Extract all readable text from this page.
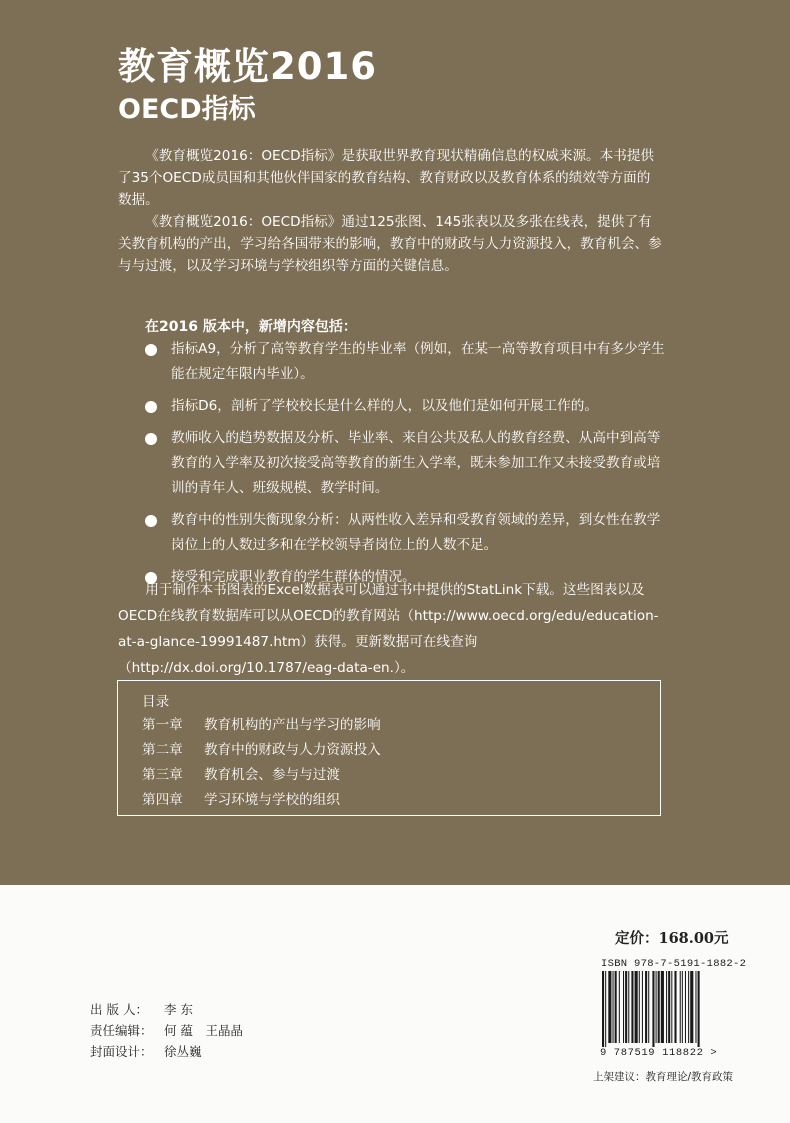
教育概览2016
OECD指标

《教育概览2016：OECD指标》是获取世界教育现状精确信息的权威来源。本书提供了35个OECD成员国和其他伙伴国家的教育结构、教育财政以及教育体系的绩效等方面的数据。

《教育概览2016：OECD指标》通过125张图、145张表以及多张在线表，提供了有关教育机构的产出，学习给各国带来的影响，教育中的财政与人力资源投入，教育机会、参与与过渡，以及学习环境与学校组织等方面的关键信息。

在2016 版本中，新增内容包括：

指标A9，分析了高等教育学生的毕业率（例如，在某一高等教育项目中有多少学生能在规定年限内毕业）。
指标D6，剖析了学校校长是什么样的人，以及他们是如何开展工作的。
教师收入的趋势数据及分析、毕业率、来自公共及私人的教育经费、从高中到高等教育的入学率及初次接受高等教育的新生入学率，既未参加工作又未接受教育或培训的青年人、班级规模、教学时间。
教育中的性别失衡现象分析：从两性收入差异和受教育领域的差异，到女性在教学岗位上的人数过多和在学校领导者岗位上的人数不足。
接受和完成职业教育的学生群体的情况。

用于制作本书图表的Excel数据表可以通过书中提供的StatLink下载。这些图表以及OECD在线教育数据库可以从OECD的教育网站（http://www.oecd.org/edu/education-at-a-glance-19991487.htm）获得。更新数据可在线查询（http://dx.doi.org/10.1787/eag-data-en.）。

目录

第一章 教育机构的产出与学习的影响
第二章 教育中的财政与人力资源投入
第三章 教育机会、参与与过渡
第四章 学习环境与学校的组织
出 版 人： 李 东
责任编辑： 何 蕴　王晶晶
封面设计： 徐丛巍

定价：168.00元

ISBN 978-7-5191-1882-2

9 787519 118822 >

上架建议：教育理论/教育政策
